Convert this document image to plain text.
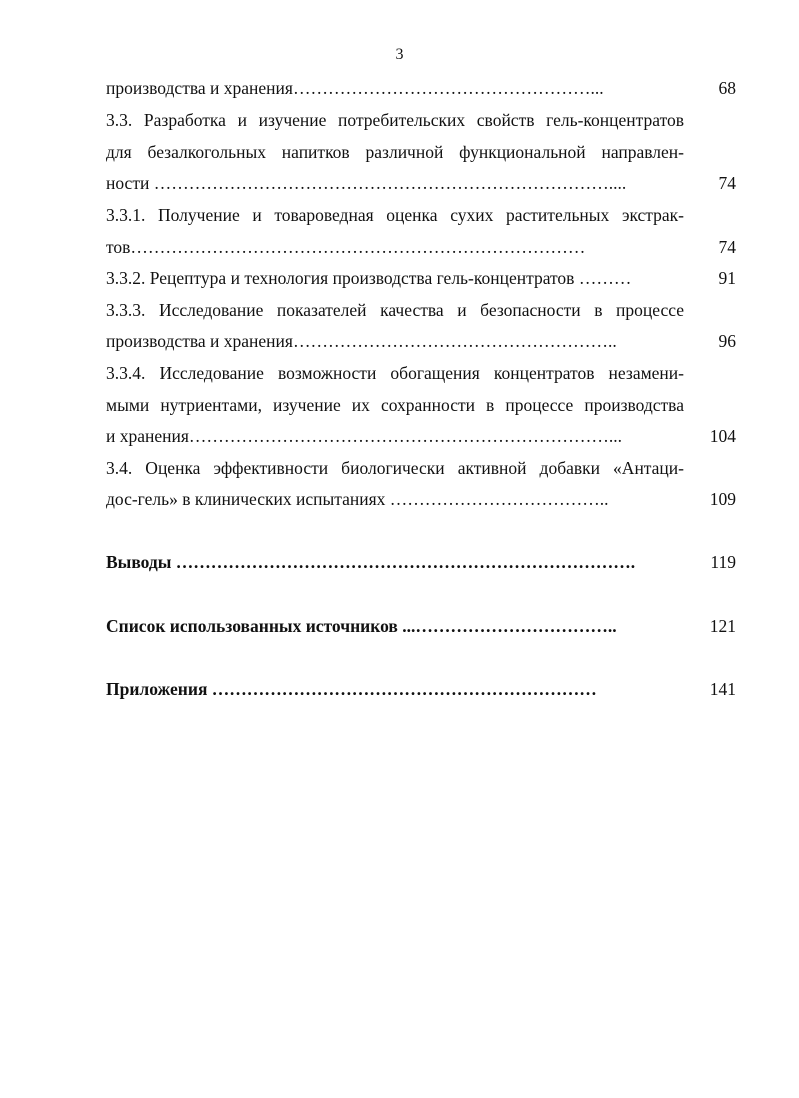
3
производства и хранения……………………………………………...	68
3.3. Разработка и изучение потребительских свойств гель-концентратов
для безалкогольных напитков различной функциональной направлен-
ности ……………………………………………………………………....	74
3.3.1. Получение и товароведная оценка сухих растительных экстрак-
тов……………………………………………………………………	74
3.3.2. Рецептура и технология производства гель-концентратов ………	91
3.3.3. Исследование показателей качества и безопасности в процессе
производства и хранения………………………………………………..	96
3.3.4. Исследование возможности обогащения концентратов незамени-
мыми нутриентами, изучение их сохранности в процессе производства
и хранения………………………………………………………………...	104
3.4. Оценка эффективности биологически активной добавки «Антаци-
дос-гель» в клинических испытаниях ………………………………..	109
Выводы …………………………………………………………………….	119
Список использованных источников ...……………………………..	121
Приложения …………………………………………………………	141
